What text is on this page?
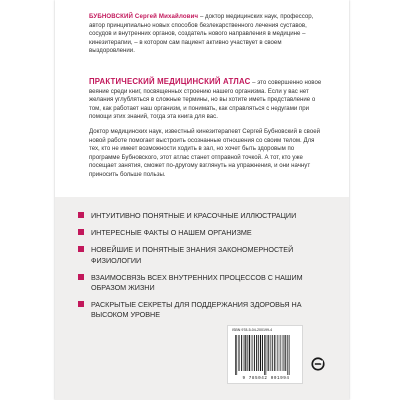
БУБНОВСКИЙ Сергей Михайлович – доктор медицинских наук, профессор, автор принципиально новых способов безлекарственного лечения суставов, сосудов и внутренних органов, создатель нового направления в медицине – кинезитерапии, – в котором сам пациент активно участвует в своем выздоровлении.

ПРАКТИЧЕСКИЙ МЕДИЦИНСКИЙ АТЛАС – это совершенно новое веяние среди книг, посвященных строению нашего организма. Если у вас нет желания углубляться в сложные термины, но вы хотите иметь представление о том, как работает наш организм, и понимать, как справляться с недугами при помощи этих знаний, тогда эта книга для вас.

Доктор медицинских наук, известный кинезитерапевт Сергей Бубновский в своей новой работе помогает выстроить осознанные отношения со своим телом. Для тех, кто не имеет возможности ходить в зал, но хочет быть здоровым по программе Бубновского, этот атлас станет отправной точкой. А тот, кто уже посещает занятия, сможет по-другому взглянуть на упражнения, и они начнут приносить больше пользы.

ИНТУИТИВНО ПОНЯТНЫЕ И КРАСОЧНЫЕ ИЛЛЮСТРАЦИИ
ИНТЕРЕСНЫЕ ФАКТЫ О НАШЕМ ОРГАНИЗМЕ
НОВЕЙШИЕ И ПОНЯТНЫЕ ЗНАНИЯ ЗАКОНОМЕРНОСТЕЙ ФИЗИОЛОГИИ
ВЗАИМОСВЯЗЬ ВСЕХ ВНУТРЕННИХ ПРОЦЕССОВ С НАШИМ ОБРАЗОМ ЖИЗНИ
РАСКРЫТЫЕ СЕКРЕТЫ ДЛЯ ПОДДЕРЖАНИЯ ЗДОРОВЬЯ НА ВЫСОКОМ УРОВНЕ
ISBN 978-5-04-200199-4
9 785042 001994
